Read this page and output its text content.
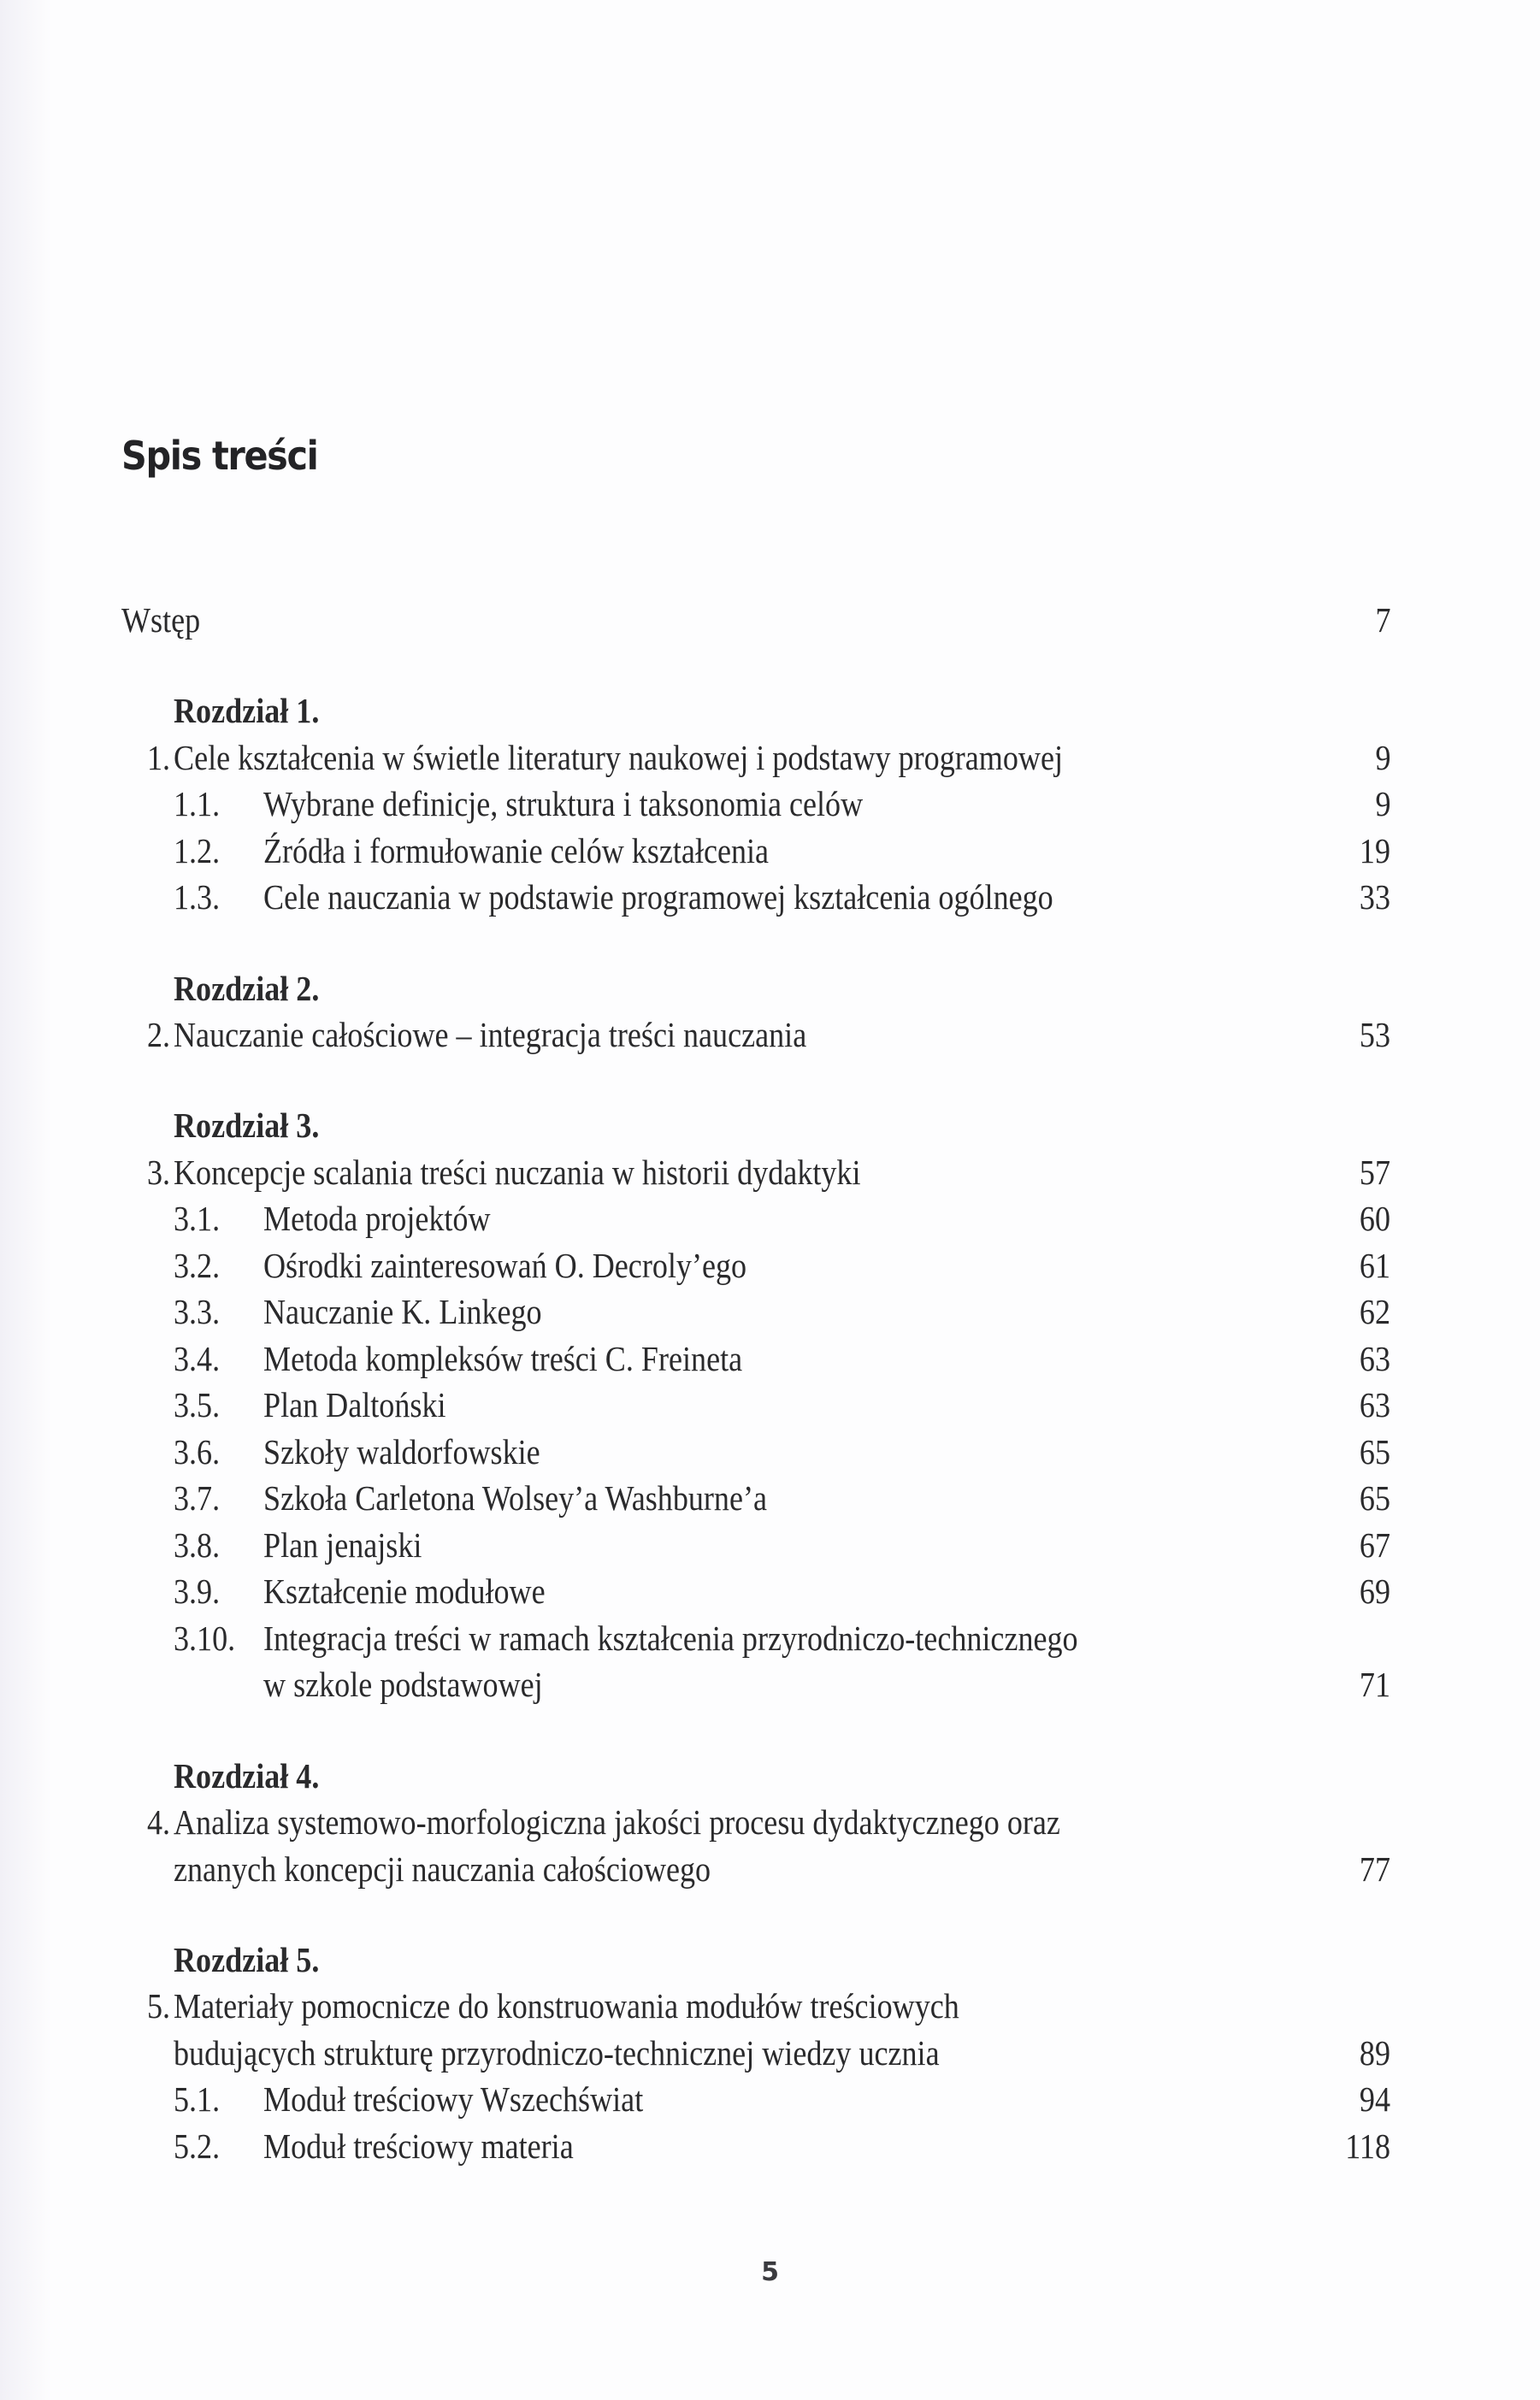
Spis treści
Wstęp	7
Rozdział 1.
1. Cele kształcenia w świetle literatury naukowej i podstawy programowej	9
1.1. Wybrane definicje, struktura i taksonomia celów	9
1.2. Źródła i formułowanie celów kształcenia	19
1.3. Cele nauczania w podstawie programowej kształcenia ogólnego	33
Rozdział 2.
2. Nauczanie całościowe – integracja treści nauczania	53
Rozdział 3.
3. Koncepcje scalania treści nuczania w historii dydaktyki	57
3.1. Metoda projektów	60
3.2. Ośrodki zainteresowań O. Decroly’ego	61
3.3. Nauczanie K. Linkego	62
3.4. Metoda kompleksów treści C. Freineta	63
3.5. Plan Daltoński	63
3.6. Szkoły waldorfowskie	65
3.7. Szkoła Carletona Wolsey’a Washburne’a	65
3.8. Plan jenajski	67
3.9. Kształcenie modułowe	69
3.10. Integracja treści w ramach kształcenia przyrodniczo-technicznego
w szkole podstawowej	71
Rozdział 4.
4. Analiza systemowo-morfologiczna jakości procesu dydaktycznego oraz
znanych koncepcji nauczania całościowego	77
Rozdział 5.
5. Materiały pomocnicze do konstruowania modułów treściowych
budujących strukturę przyrodniczo-technicznej wiedzy ucznia	89
5.1. Moduł treściowy Wszechświat	94
5.2. Moduł treściowy materia	118
5
